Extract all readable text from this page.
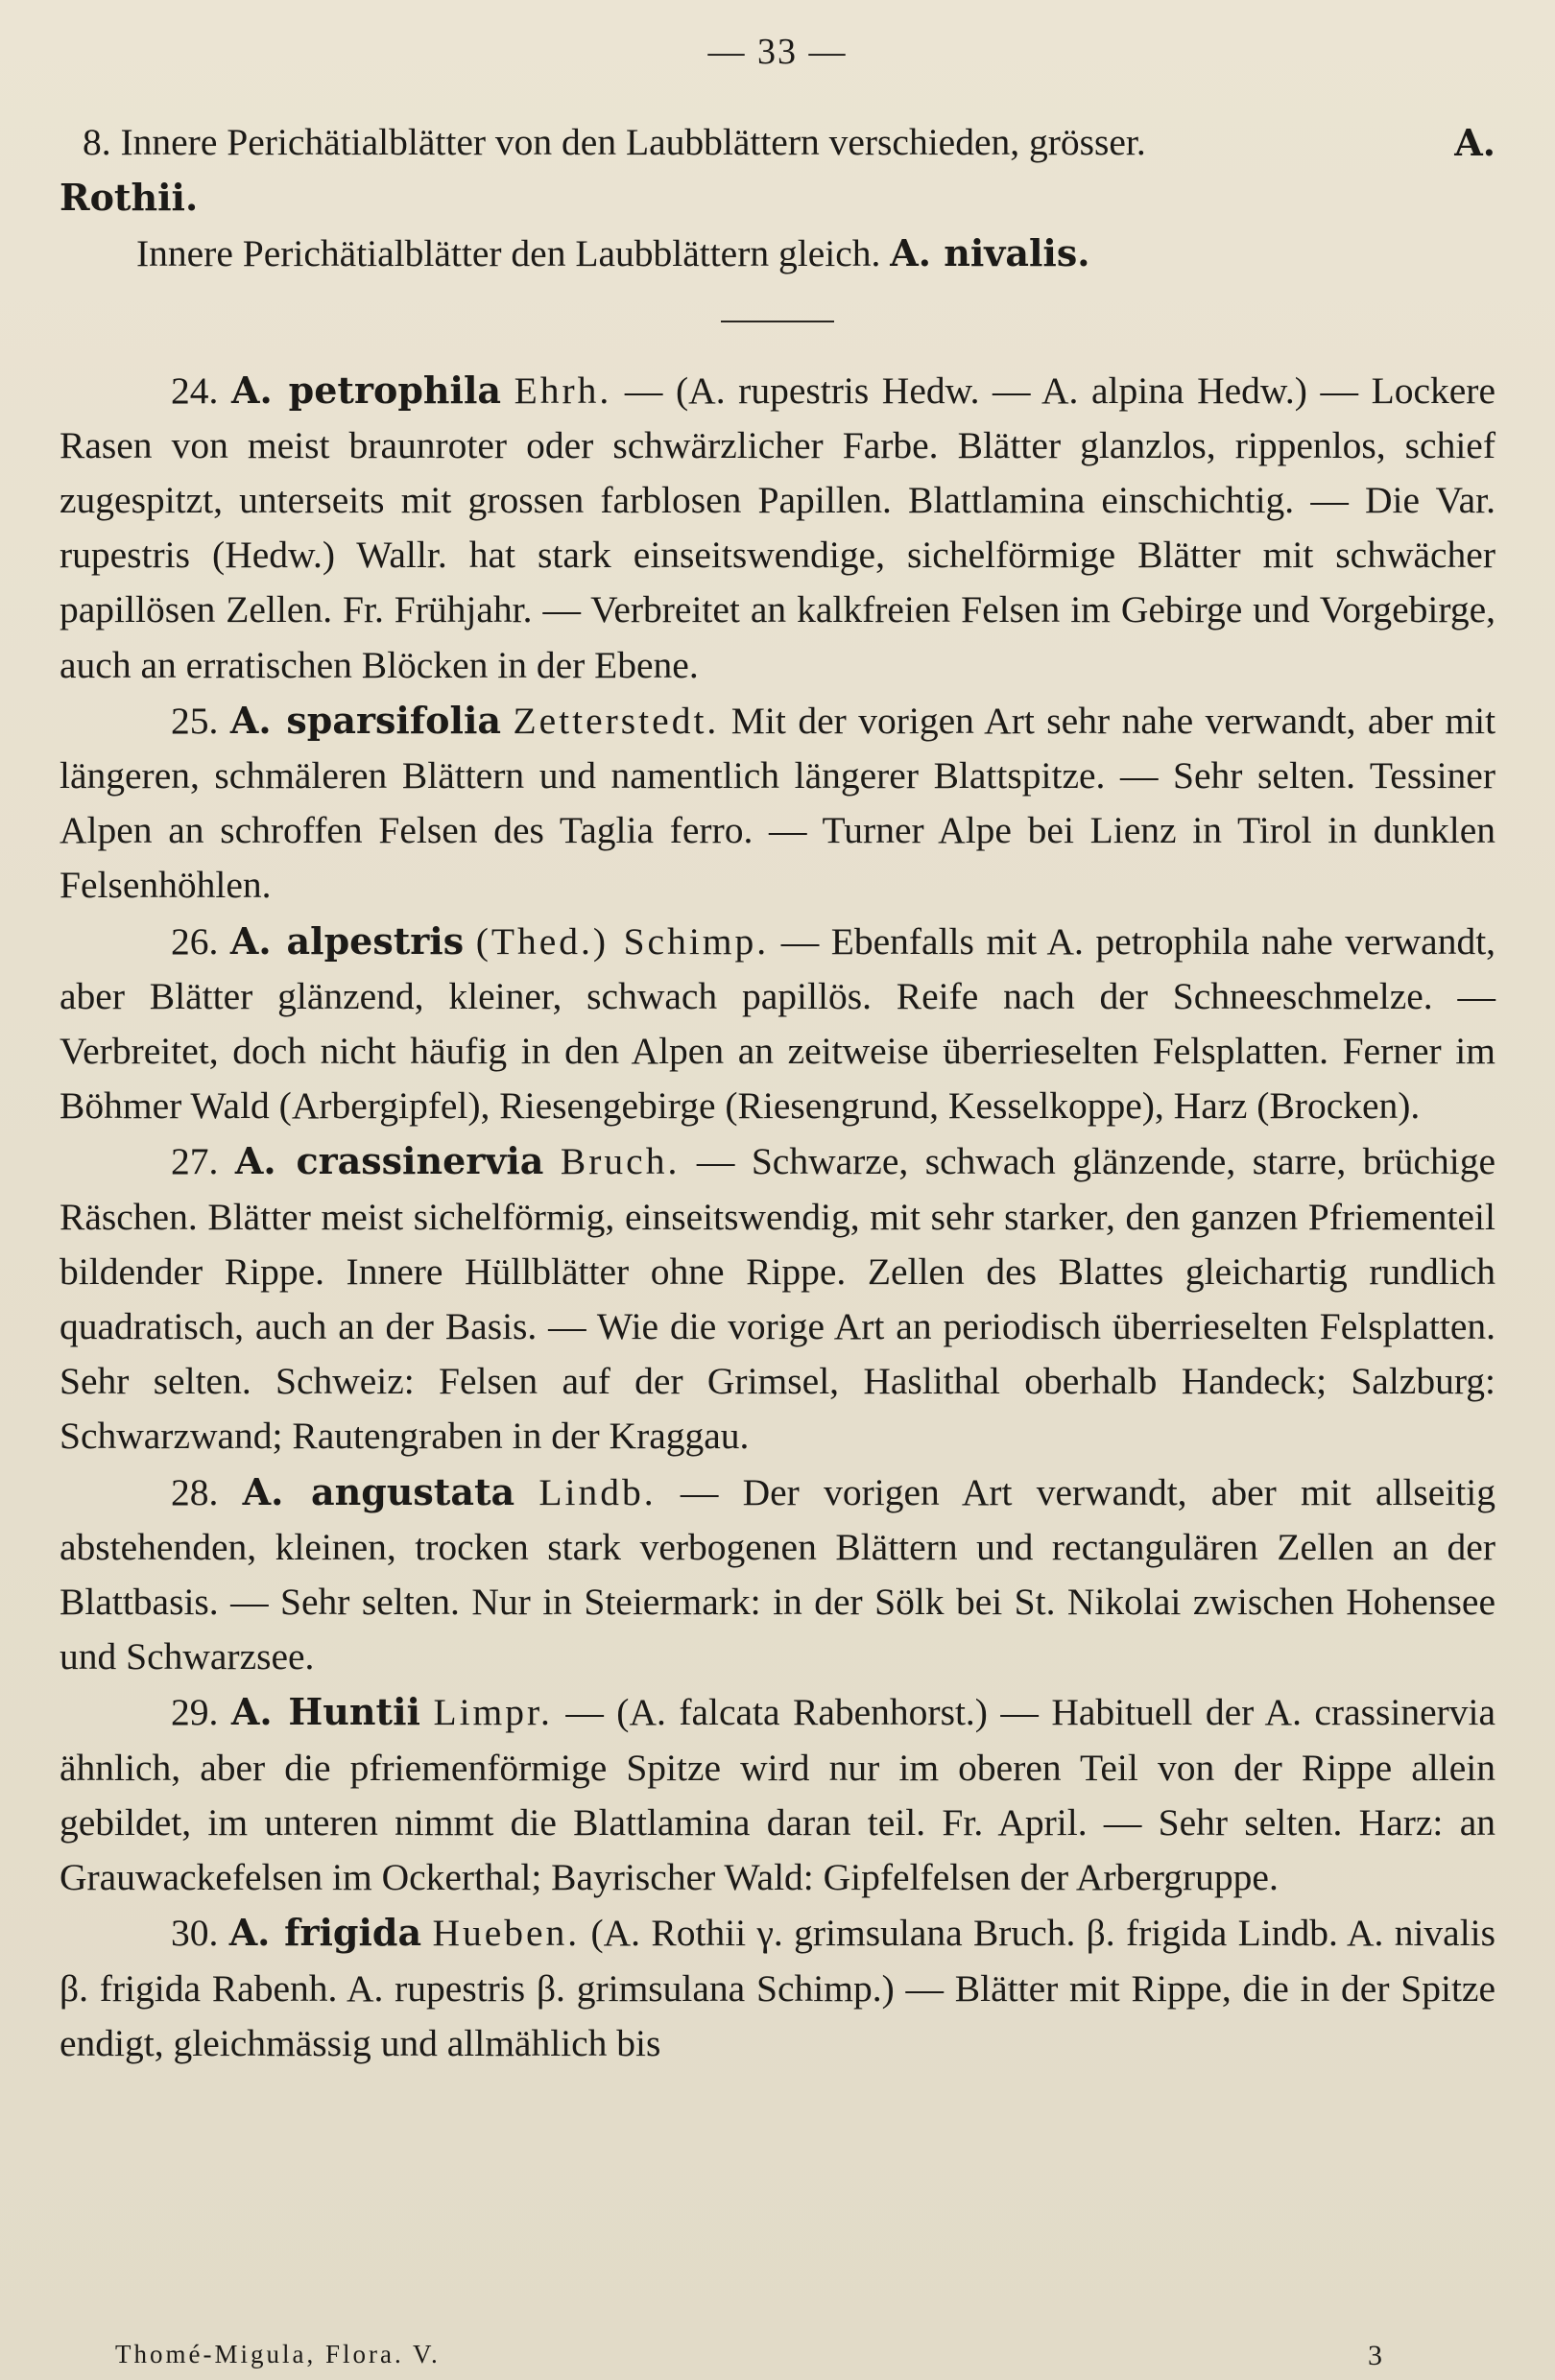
— 33 —

8. Innere Perichätialblätter von den Laubblättern verschieden, grösser.	A.

Rothii.

Innere Perichätialblätter den Laubblättern gleich. A. nivalis.

24. A. petrophila Ehrh. — (A. rupestris Hedw. — A. alpina Hedw.) — Lockere Rasen von meist braunroter oder schwärzlicher Farbe. Blätter glanzlos, rippenlos, schief zugespitzt, unterseits mit grossen farblosen Papillen. Blattlamina einschichtig. — Die Var. rupestris (Hedw.) Wallr. hat stark einseitswendige, sichelförmige Blätter mit schwächer papillösen Zellen. Fr. Frühjahr. — Verbreitet an kalkfreien Felsen im Gebirge und Vorgebirge, auch an erratischen Blöcken in der Ebene.

25. A. sparsifolia Zetterstedt. Mit der vorigen Art sehr nahe verwandt, aber mit längeren, schmäleren Blättern und namentlich längerer Blattspitze. — Sehr selten. Tessiner Alpen an schroffen Felsen des Taglia ferro. — Turner Alpe bei Lienz in Tirol in dunklen Felsenhöhlen.

26. A. alpestris (Thed.) Schimp. — Ebenfalls mit A. petrophila nahe verwandt, aber Blätter glänzend, kleiner, schwach papillös. Reife nach der Schneeschmelze. — Verbreitet, doch nicht häufig in den Alpen an zeitweise überrieselten Felsplatten. Ferner im Böhmer Wald (Arbergipfel), Riesengebirge (Riesengrund, Kesselkoppe), Harz (Brocken).

27. A. crassinervia Bruch. — Schwarze, schwach glänzende, starre, brüchige Räschen. Blätter meist sichelförmig, einseitswendig, mit sehr starker, den ganzen Pfriementeil bildender Rippe. Innere Hüllblätter ohne Rippe. Zellen des Blattes gleichartig rundlich quadratisch, auch an der Basis. — Wie die vorige Art an periodisch überrieselten Felsplatten. Sehr selten. Schweiz: Felsen auf der Grimsel, Haslithal oberhalb Handeck; Salzburg: Schwarzwand; Rautengraben in der Kraggau.

28. A. angustata Lindb. — Der vorigen Art verwandt, aber mit allseitig abstehenden, kleinen, trocken stark verbogenen Blättern und rectangulären Zellen an der Blattbasis. — Sehr selten. Nur in Steiermark: in der Sölk bei St. Nikolai zwischen Hohensee und Schwarzsee.

29. A. Huntii Limpr. — (A. falcata Rabenhorst.) — Habituell der A. crassinervia ähnlich, aber die pfriemenförmige Spitze wird nur im oberen Teil von der Rippe allein gebildet, im unteren nimmt die Blattlamina daran teil. Fr. April. — Sehr selten. Harz: an Grauwackefelsen im Ockerthal; Bayrischer Wald: Gipfelfelsen der Arbergruppe.

30. A. frigida Hueben. (A. Rothii γ. grimsulana Bruch. β. frigida Lindb. A. nivalis β. frigida Rabenh. A. rupestris β. grimsulana Schimp.) — Blätter mit Rippe, die in der Spitze endigt, gleichmässig und allmählich bis

Thomé-Migula, Flora. V.	3
